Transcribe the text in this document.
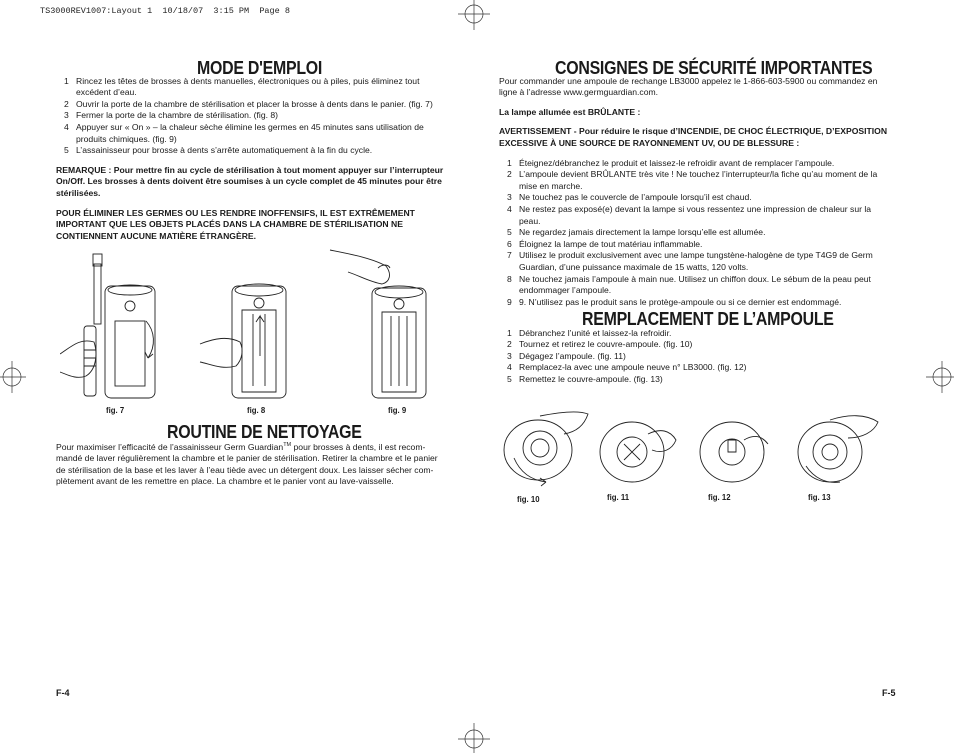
TS3000REV1007:Layout 1  10/18/07  3:15 PM  Page 8
MODE D'EMPLOI
1 Rincez les têtes de brosses à dents manuelles, électroniques ou à piles, puis éliminez tout excédent d’eau.
2 Ouvrir la porte de la chambre de stérilisation et placer la brosse à dents dans le panier. (fig. 7)
3 Fermer la porte de la chambre de stérilisation. (fig. 8)
4 Appuyer sur « On » – la chaleur sèche élimine les germes en 45 minutes sans utilisation de produits chimiques. (fig. 9)
5 L’assainisseur pour brosse à dents s’arrête automatiquement à la fin du cycle.

REMARQUE : Pour mettre fin au cycle de stérilisation à tout moment appuyer sur l’interrupteur On/Off. Les brosses à dents doivent être soumises à un cycle complet de 45 minutes pour être stérilisées.

POUR ÉLIMINER LES GERMES OU LES RENDRE INOFFENSIFS, IL EST EXTRÊMEMENT IMPORTANT QUE LES OBJETS PLACÉS DANS LA CHAMBRE DE STÉRILISATION NE CONTIENNENT AUCUNE MATIÈRE ÉTRANGÈRE.

fig. 7	fig. 8	fig. 9
ROUTINE DE NETTOYAGE

Pour maximiser l’efficacité de l’assainisseur Germ Guardian™ pour brosses à dents, il est recommandé de laver régulièrement la chambre et le panier de stérilisation. Retirer la chambre et le panier de stérilisation de la base et les laver à l’eau tiède avec un détergent doux. Les laisser sécher complètement avant de les remettre en place. La chambre et le panier vont au lave-vaisselle.

F-4
CONSIGNES DE SÉCURITÉ IMPORTANTES

Pour commander une ampoule de rechange LB3000 appelez le 1-866-603-5900 ou commandez en ligne à l’adresse www.germguardian.com.

La lampe allumée est BRÛLANTE :

AVERTISSEMENT - Pour réduire le risque d’INCENDIE, DE CHOC ÉLECTRIQUE, D’EXPOSITION EXCESSIVE À UNE SOURCE DE RAYONNEMENT UV, OU DE BLESSURE :

1 Éteignez/débranchez le produit et laissez-le refroidir avant de remplacer l’ampoule.
2 L’ampoule devient BRÛLANTE très vite ! Ne touchez l’interrupteur/la fiche qu’au moment de la mise en marche.
3 Ne touchez pas le couvercle de l’ampoule lorsqu’il est chaud.
4 Ne restez pas exposé(e) devant la lampe si vous ressentez une impression de chaleur sur la peau.
5 Ne regardez jamais directement la lampe lorsqu’elle est allumée.
6 Éloignez la lampe de tout matériau inflammable.
7 Utilisez le produit exclusivement avec une lampe tungstène-halogène de type T4G9 de Germ Guardian, d’une puissance maximale de 15 watts, 120 volts.
8 Ne touchez jamais l’ampoule à main nue. Utilisez un chiffon doux. Le sébum de la peau peut endommager l’ampoule.
9 9. N’utilisez pas le produit sans le protège-ampoule ou si ce dernier est endommagé.
REMPLACEMENT DE L’AMPOULE
1 Débranchez l’unité et laissez-la refroidir.
2 Tournez et retirez le couvre-ampoule. (fig. 10)
3 Dégagez l’ampoule. (fig. 11)
4 Remplacez-la avec une ampoule neuve n° LB3000. (fig. 12)
5 Remettez le couvre-ampoule. (fig. 13)
fig. 10	fig. 11	fig. 12	fig. 13
F-5
